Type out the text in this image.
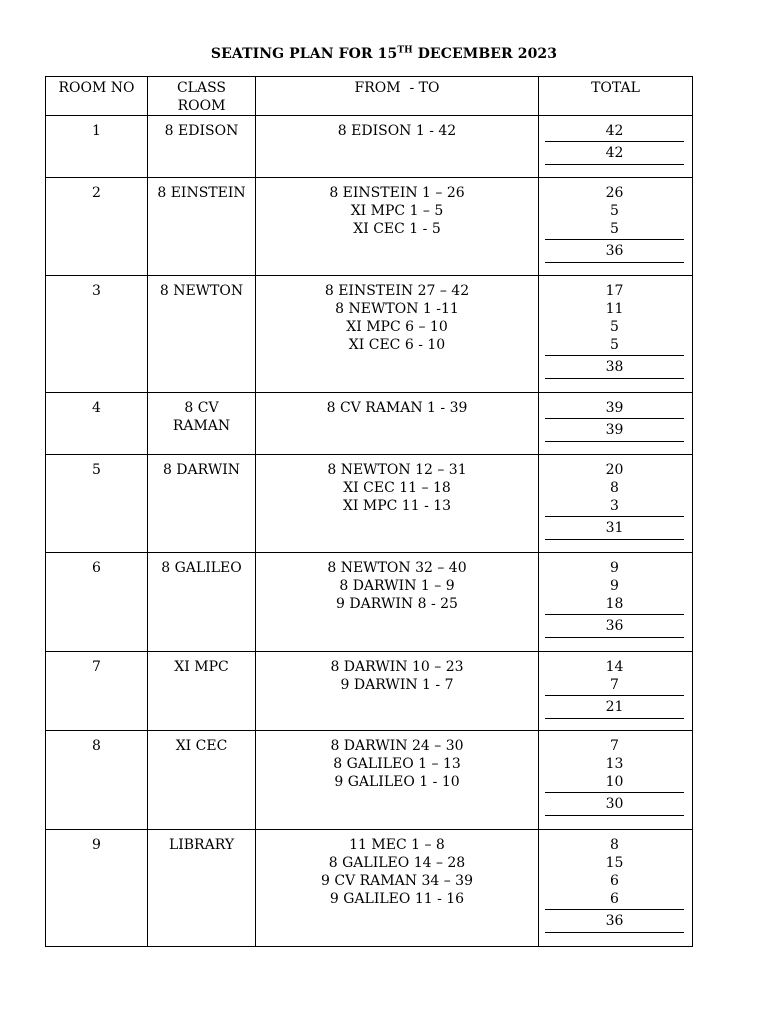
SEATING PLAN FOR 15TH DECEMBER 2023
ROOM NO	CLASS ROOM	FROM  - TO	TOTAL
1	8 EDISON	8 EDISON 1 - 42	42
42

2	8 EINSTEIN	8 EINSTEIN 1 – 26
XI MPC 1 – 5
XI CEC 1 - 5	26
5
5
36

3	8 NEWTON	8 EINSTEIN 27 – 42
8 NEWTON 1 -11
XI MPC 6 – 10
XI CEC 6 - 10	17
11
5
5
38

4	8 CV RAMAN	8 CV RAMAN 1 - 39	39
39

5	8 DARWIN	8 NEWTON 12 – 31
XI CEC 11 – 18
XI MPC 11 - 13	20
8
3
31

6	8 GALILEO	8 NEWTON 32 – 40
8 DARWIN 1 – 9
9 DARWIN 8 - 25	9
9
18
36

7	XI MPC	8 DARWIN 10 – 23
9 DARWIN 1 - 7	14
7
21

8	XI CEC	8 DARWIN 24 – 30
8 GALILEO 1 – 13
9 GALILEO 1 - 10	7
13
10
30

9	LIBRARY	11 MEC 1 – 8
8 GALILEO 14 – 28
9 CV RAMAN 34 – 39
9 GALILEO 11 - 16	8
15
6
6
36
